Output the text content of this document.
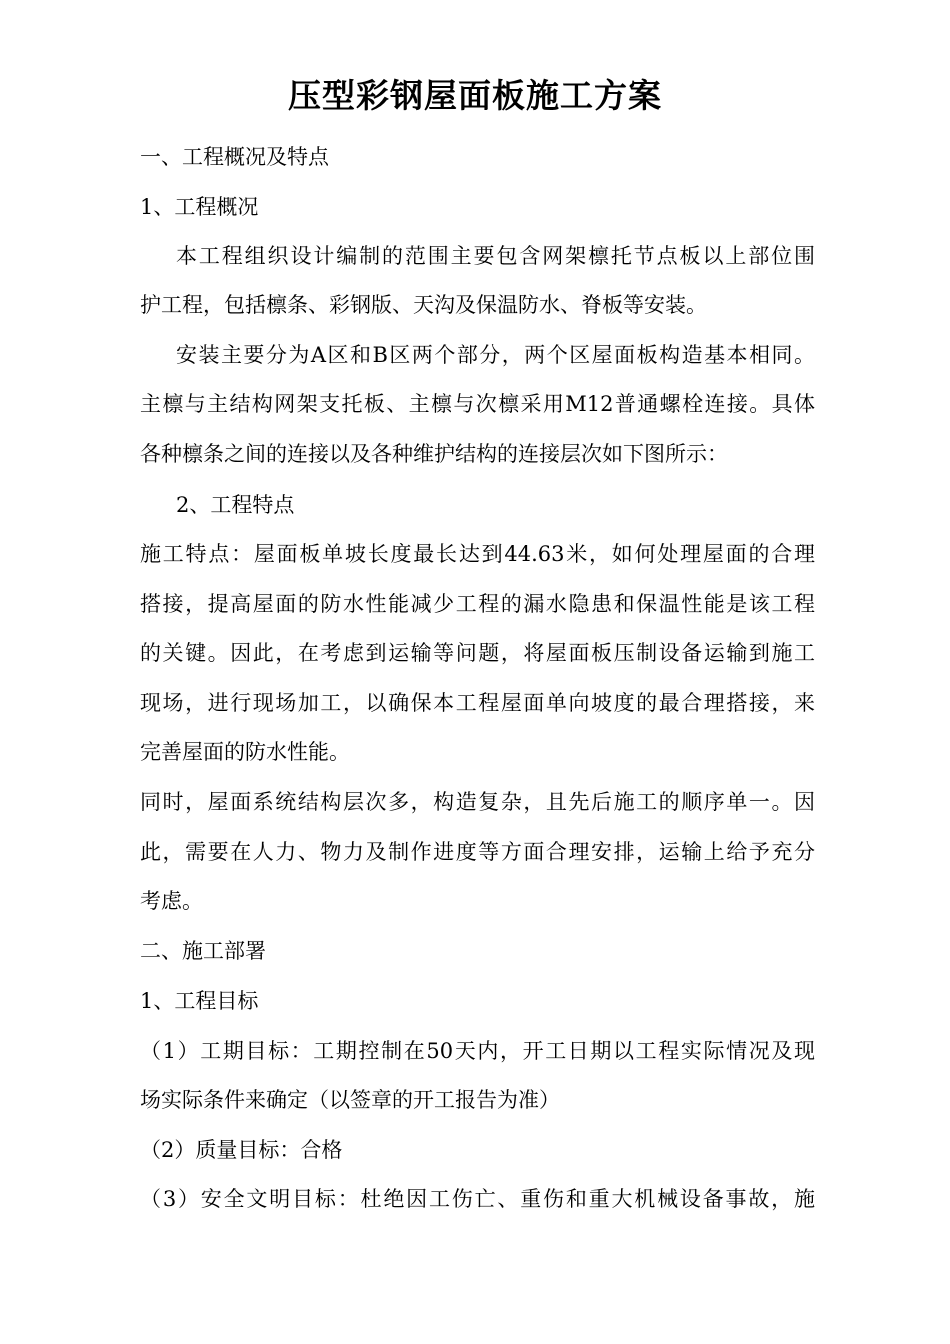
压型彩钢屋面板施工方案
一、工程概况及特点
1、工程概况
本工程组织设计编制的范围主要包含网架檩托节点板以上部位围
护工程，包括檩条、彩钢版、天沟及保温防水、脊板等安装。
安装主要分为A区和B区两个部分，两个区屋面板构造基本相同。
主檩与主结构网架支托板、主檩与次檩采用M12普通螺栓连接。具体
各种檩条之间的连接以及各种维护结构的连接层次如下图所示：
2、工程特点
施工特点：屋面板单坡长度最长达到44.63米，如何处理屋面的合理
搭接，提高屋面的防水性能减少工程的漏水隐患和保温性能是该工程
的关键。因此，在考虑到运输等问题，将屋面板压制设备运输到施工
现场，进行现场加工，以确保本工程屋面单向坡度的最合理搭接，来
完善屋面的防水性能。
同时，屋面系统结构层次多，构造复杂，且先后施工的顺序单一。因
此，需要在人力、物力及制作进度等方面合理安排，运输上给予充分
考虑。
二、施工部署
1、工程目标
（1）工期目标：工期控制在50天内，开工日期以工程实际情况及现
场实际条件来确定（以签章的开工报告为准）
（2）质量目标：合格
（3）安全文明目标：杜绝因工伤亡、重伤和重大机械设备事故，施
